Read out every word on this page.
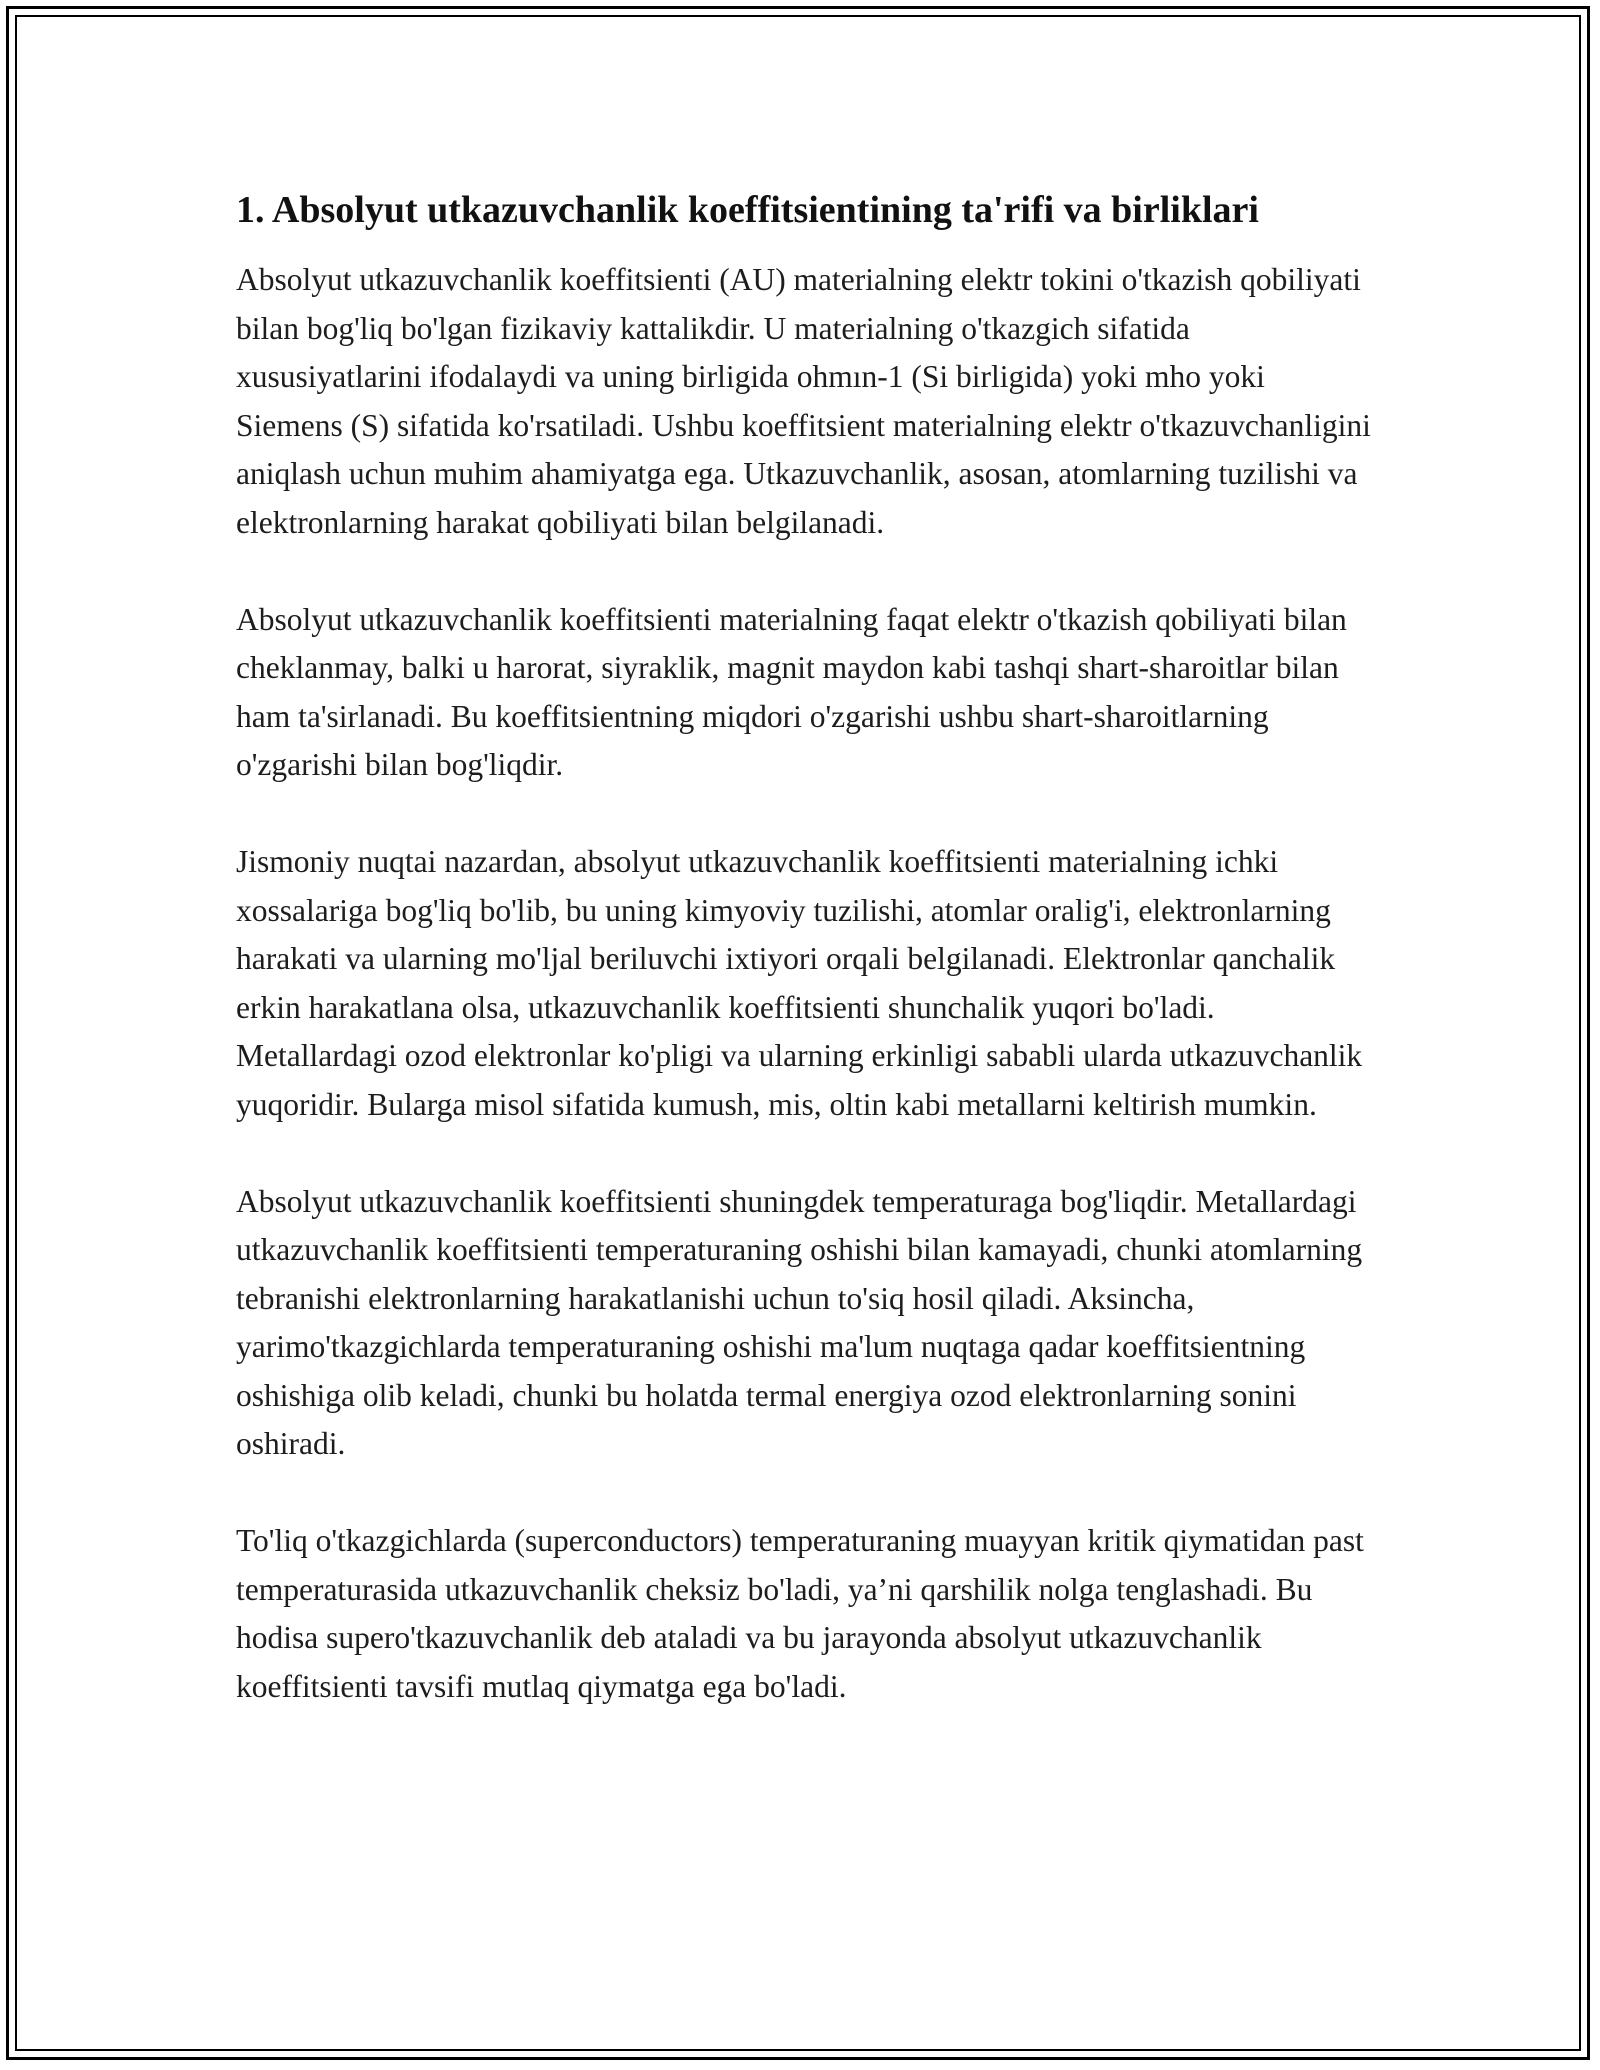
1. Absolyut utkazuvchanlik koeffitsientining ta'rifi va birliklari

Absolyut utkazuvchanlik koeffitsienti (AU) materialning elektr tokini o'tkazish qobiliyati bilan bog'liq bo'lgan fizikaviy kattalikdir. U materialning o'tkazgich sifatida xususiyatlarini ifodalaydi va uning birligida ohmın-1 (Si birligida) yoki mho yoki Siemens (S) sifatida ko'rsatiladi. Ushbu koeffitsient materialning elektr o'tkazuvchanligini aniqlash uchun muhim ahamiyatga ega. Utkazuvchanlik, asosan, atomlarning tuzilishi va elektronlarning harakat qobiliyati bilan belgilanadi.

Absolyut utkazuvchanlik koeffitsienti materialning faqat elektr o'tkazish qobiliyati bilan cheklanmay, balki u harorat, siyraklik, magnit maydon kabi tashqi shart-sharoitlar bilan ham ta'sirlanadi. Bu koeffitsientning miqdori o'zgarishi ushbu shart-sharoitlarning o'zgarishi bilan bog'liqdir.

Jismoniy nuqtai nazardan, absolyut utkazuvchanlik koeffitsienti materialning ichki xossalariga bog'liq bo'lib, bu uning kimyoviy tuzilishi, atomlar oralig'i, elektronlarning harakati va ularning mo'ljal beriluvchi ixtiyori orqali belgilanadi. Elektronlar qanchalik erkin harakatlana olsa, utkazuvchanlik koeffitsienti shunchalik yuqori bo'ladi. Metallardagi ozod elektronlar ko'pligi va ularning erkinligi sababli ularda utkazuvchanlik yuqoridir. Bularga misol sifatida kumush, mis, oltin kabi metallarni keltirish mumkin.

Absolyut utkazuvchanlik koeffitsienti shuningdek temperaturaga bog'liqdir. Metallardagi utkazuvchanlik koeffitsienti temperaturaning oshishi bilan kamayadi, chunki atomlarning tebranishi elektronlarning harakatlanishi uchun to'siq hosil qiladi. Aksincha, yarimo'tkazgichlarda temperaturaning oshishi ma'lum nuqtaga qadar koeffitsientning oshishiga olib keladi, chunki bu holatda termal energiya ozod elektronlarning sonini oshiradi.

To'liq o'tkazgichlarda (superconductors) temperaturaning muayyan kritik qiymatidan past temperaturasida utkazuvchanlik cheksiz bo'ladi, ya’ni qarshilik nolga tenglashadi. Bu hodisa supero'tkazuvchanlik deb ataladi va bu jarayonda absolyut utkazuvchanlik koeffitsienti tavsifi mutlaq qiymatga ega bo'ladi.
